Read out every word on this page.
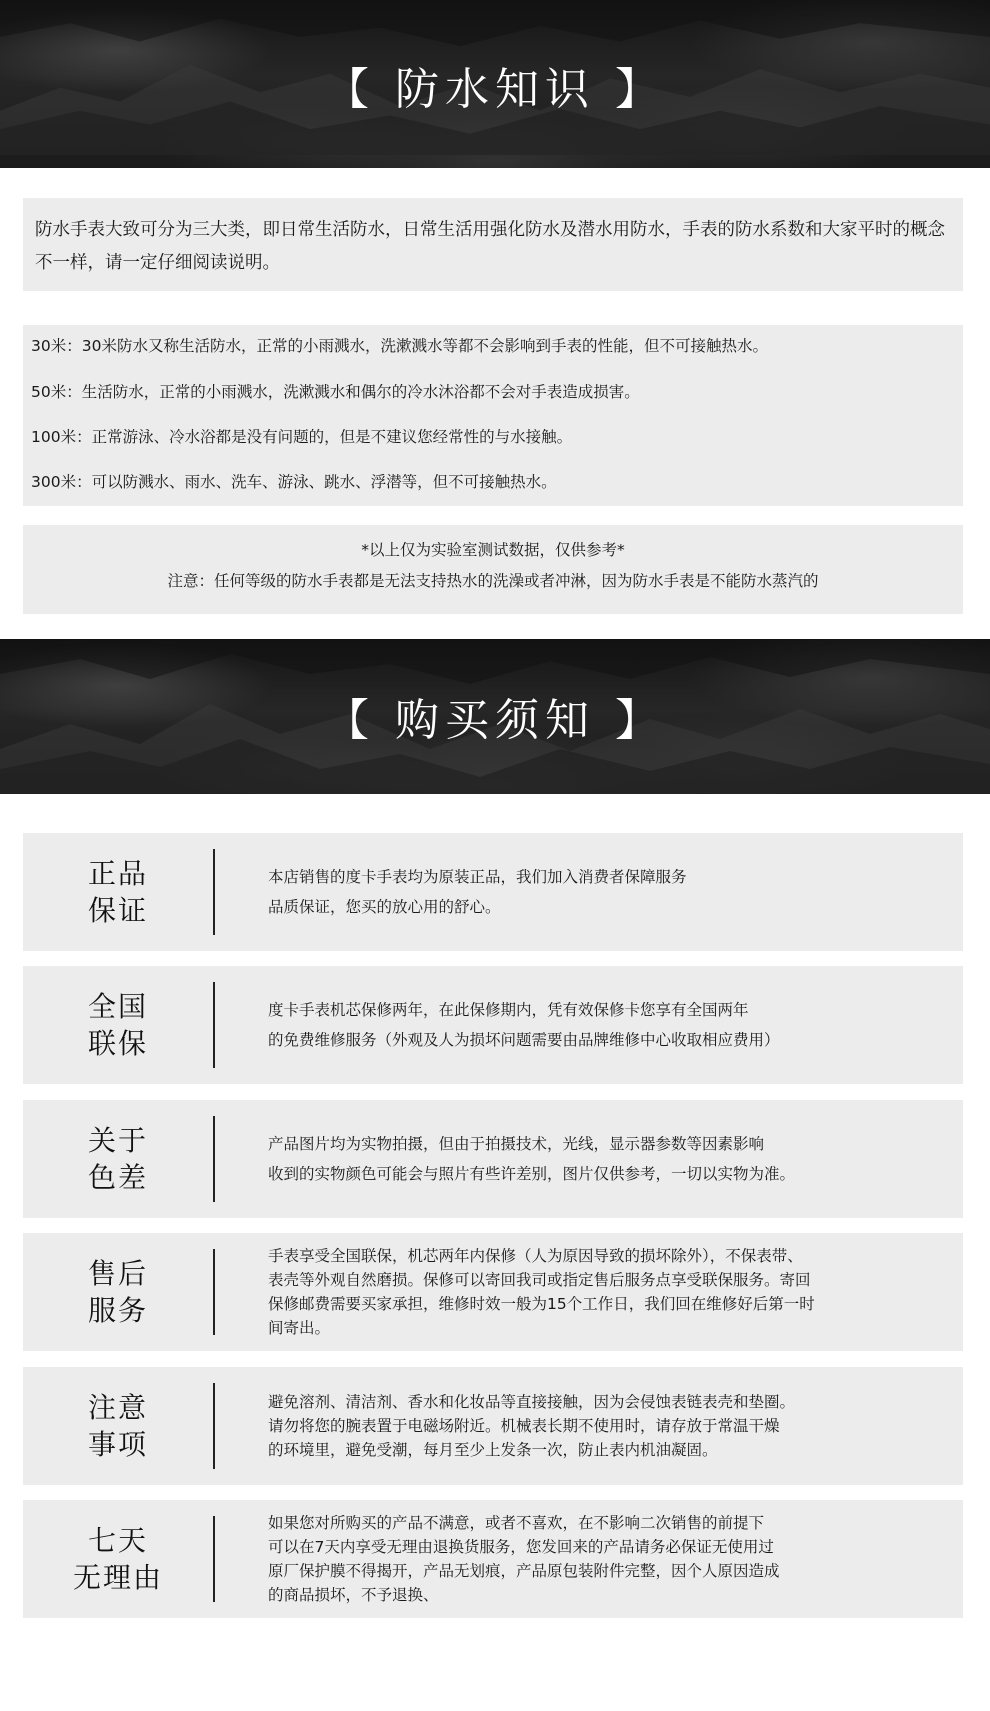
【 防水知识 】
防水手表大致可分为三大类，即日常生活防水，日常生活用强化防水及潜水用防水，手表的防水系数和大家平时的概念不一样，请一定仔细阅读说明。
30米：30米防水又称生活防水，正常的小雨溅水，洗漱溅水等都不会影响到手表的性能，但不可接触热水。
50米：生活防水，正常的小雨溅水，洗漱溅水和偶尔的冷水沐浴都不会对手表造成损害。
100米：正常游泳、冷水浴都是没有问题的，但是不建议您经常性的与水接触。
300米：可以防溅水、雨水、洗车、游泳、跳水、浮潜等，但不可接触热水。
*以上仅为实验室测试数据，仅供参考*
注意：任何等级的防水手表都是无法支持热水的洗澡或者冲淋，因为防水手表是不能防水蒸汽的
【 购买须知 】
正品
保证
本店销售的度卡手表均为原装正品，我们加入消费者保障服务
品质保证，您买的放心用的舒心。
全国
联保
度卡手表机芯保修两年，在此保修期内，凭有效保修卡您享有全国两年
的免费维修服务（外观及人为损坏问题需要由品牌维修中心收取相应费用）
关于
色差
产品图片均为实物拍摄，但由于拍摄技术，光线，显示器参数等因素影响
收到的实物颜色可能会与照片有些许差别，图片仅供参考，一切以实物为准。
售后
服务
手表享受全国联保，机芯两年内保修（人为原因导致的损坏除外），不保表带、
表壳等外观自然磨损。保修可以寄回我司或指定售后服务点享受联保服务。寄回
保修邮费需要买家承担，维修时效一般为15个工作日，我们回在维修好后第一时
间寄出。
注意
事项
避免溶剂、清洁剂、香水和化妆品等直接接触，因为会侵蚀表链表壳和垫圈。
请勿将您的腕表置于电磁场附近。机械表长期不使用时，请存放于常温干燥
的环境里，避免受潮，每月至少上发条一次，防止表内机油凝固。
七天
无理由
如果您对所购买的产品不满意，或者不喜欢，在不影响二次销售的前提下
可以在7天内享受无理由退换货服务，您发回来的产品请务必保证无使用过
原厂保护膜不得揭开，产品无划痕，产品原包装附件完整，因个人原因造成
的商品损坏，不予退换、
